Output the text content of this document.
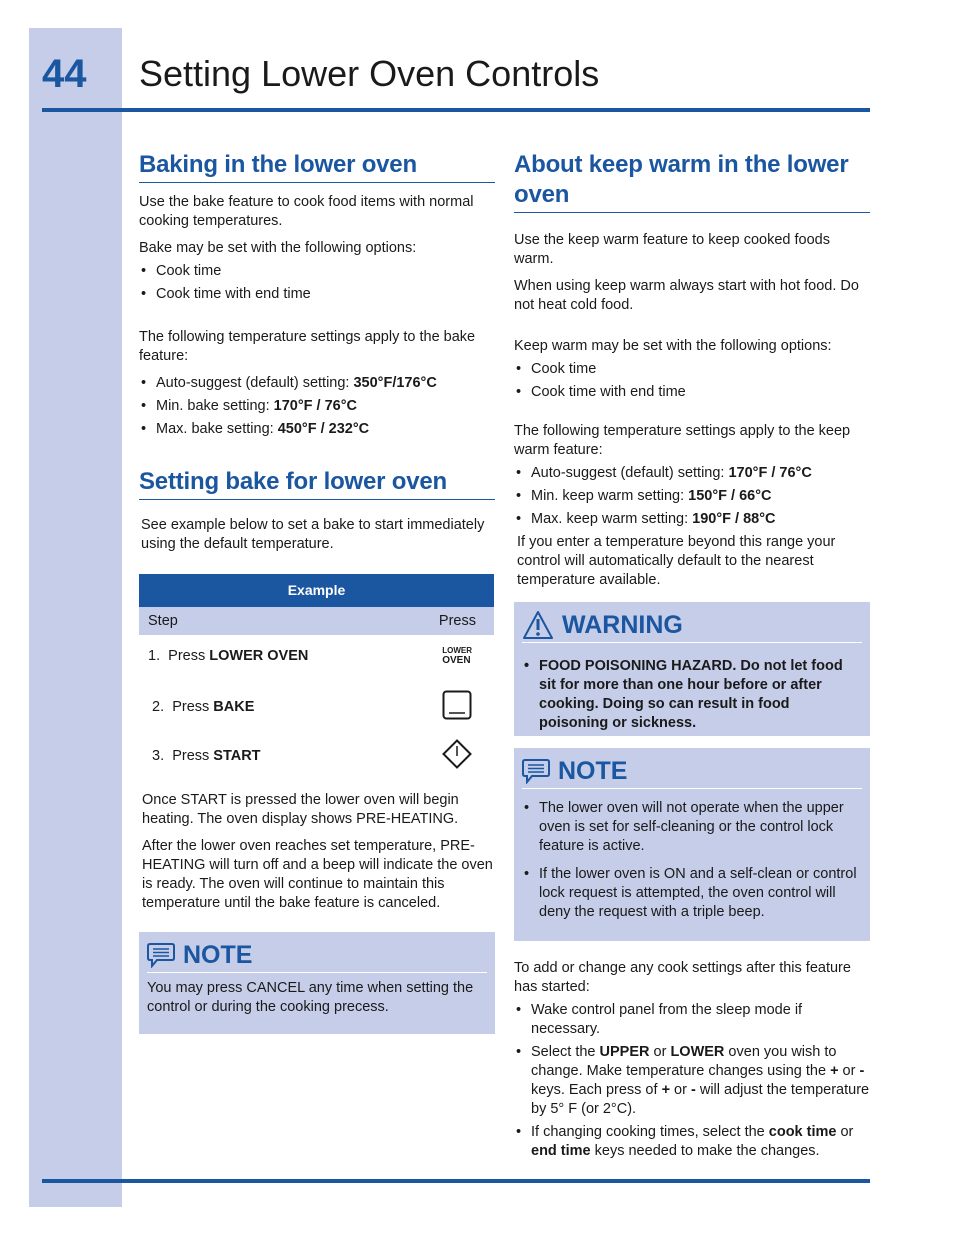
44 Setting Lower Oven Controls
Baking in the lower oven

Use the bake feature to cook food items with normal cooking temperatures.

Bake may be set with the following options:

• Cook time
• Cook time with end time

The following temperature settings apply to the bake feature:

• Auto-suggest (default) setting: 350°F/176°C
• Min. bake setting: 170°F / 76°C
• Max. bake setting: 450°F / 232°C
Setting bake for lower oven

See example below to set a bake to start immediately using the default temperature.

Example
Step	Press
1. Press LOWER OVEN	LOWER
OVEN
2. Press BAKE
3. Press START

Once START is pressed the lower oven will begin heating. The oven display shows PRE-HEATING.

After the lower oven reaches set temperature, PRE-HEATING will turn off and a beep will indicate the oven is ready. The oven will continue to maintain this temperature until the bake feature is canceled.

NOTE

You may press CANCEL any time when setting the control or during the cooking precess.

About keep warm in the lower oven

Use the keep warm feature to keep cooked foods warm.

When using keep warm always start with hot food. Do not heat cold food.

Keep warm may be set with the following options:

• Cook time
• Cook time with end time

The following temperature settings apply to the keep warm feature:

• Auto-suggest (default) setting: 170°F / 76°C
• Min. keep warm setting: 150°F / 66°C
• Max. keep warm setting: 190°F / 88°C

If you enter a temperature beyond this range your control will automatically default to the nearest temperature available.

WARNING
• FOOD POISONING HAZARD. Do not let food sit for more than one hour before or after cooking. Doing so can result in food poisoning or sickness.
NOTE
• The lower oven will not operate when the upper oven is set for self-cleaning or the control lock feature is active.
• If the lower oven is ON and a self-clean or control lock request is attempted, the oven control will deny the request with a triple beep.

To add or change any cook settings after this feature has started:

• Wake control panel from the sleep mode if necessary.
• Select the UPPER or LOWER oven you wish to change. Make temperature changes using the + or - keys. Each press of + or - will adjust the temperature by 5° F (or 2°C).
• If changing cooking times, select the cook time or end time keys needed to make the changes.
